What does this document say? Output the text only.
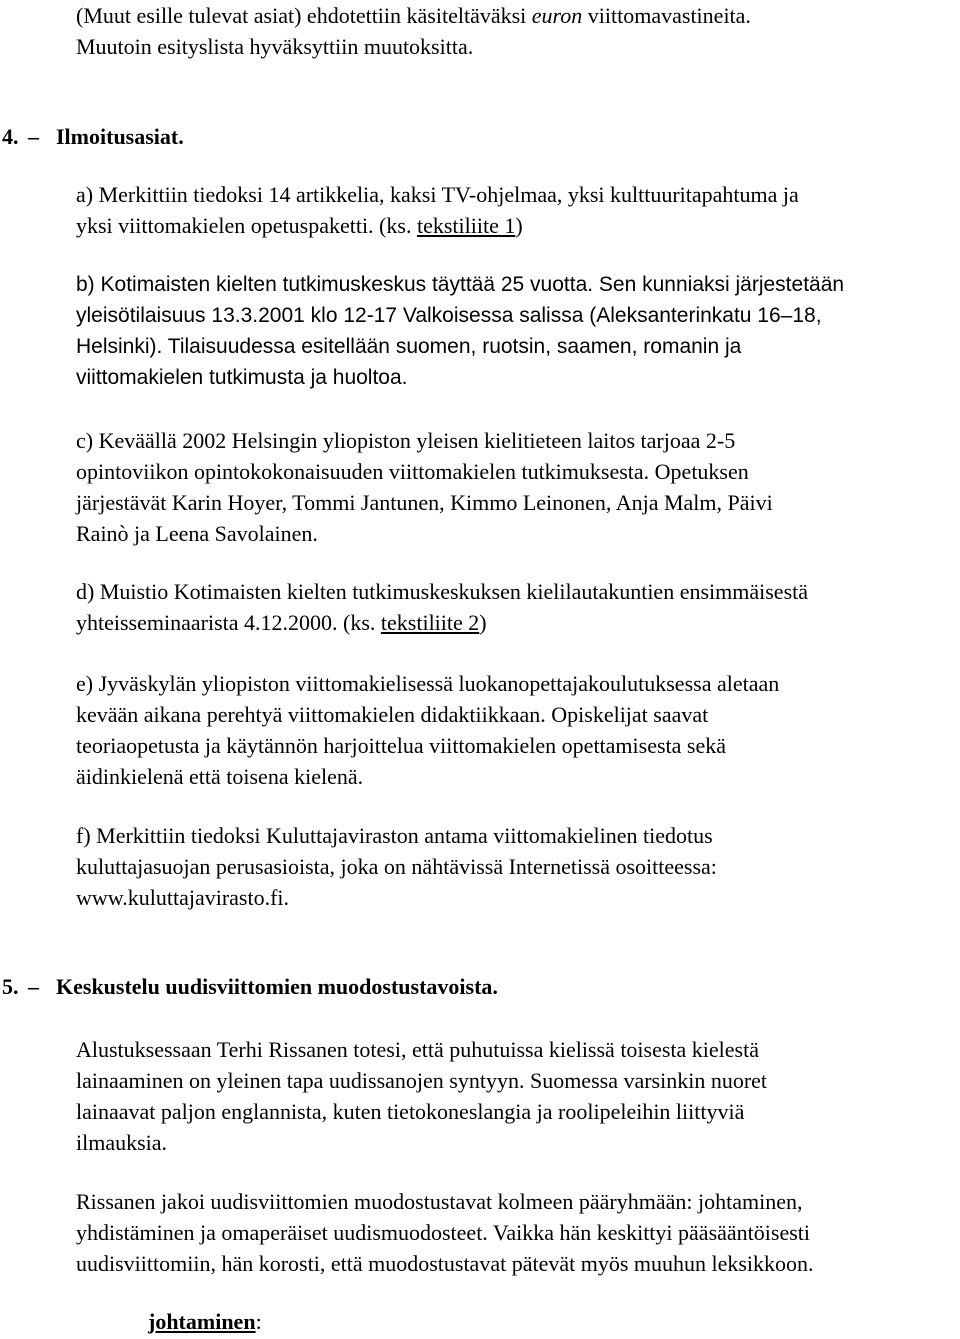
(Muut esille tulevat asiat) ehdotettiin käsiteltäväksi euron viittomavastineita.

Muutoin esityslista hyväksyttiin muutoksitta.

4. – Ilmoitusasiat.

a) Merkittiin tiedoksi 14 artikkelia, kaksi TV-ohjelmaa, yksi kulttuuritapahtuma ja

yksi viittomakielen opetuspaketti. (ks. tekstiliite 1)

b) Kotimaisten kielten tutkimuskeskus täyttää 25 vuotta. Sen kunniaksi järjestetään

yleisötilaisuus 13.3.2001 klo 12-17 Valkoisessa salissa (Aleksanterinkatu 16–18,

Helsinki). Tilaisuudessa esitellään suomen, ruotsin, saamen, romanin ja

viittomakielen tutkimusta ja huoltoa.

c) Keväällä 2002 Helsingin yliopiston yleisen kielitieteen laitos tarjoaa 2-5

opintoviikon opintokokonaisuuden viittomakielen tutkimuksesta. Opetuksen

järjestävät Karin Hoyer, Tommi Jantunen, Kimmo Leinonen, Anja Malm, Päivi

Rainò ja Leena Savolainen.

d) Muistio Kotimaisten kielten tutkimuskeskuksen kielilautakuntien ensimmäisestä

yhteisseminaarista 4.12.2000. (ks. tekstiliite 2)

e) Jyväskylän yliopiston viittomakielisessä luokanopettajakoulutuksessa aletaan

kevään aikana perehtyä viittomakielen didaktiikkaan. Opiskelijat saavat

teoriaopetusta ja käytännön harjoittelua viittomakielen opettamisesta sekä

äidinkielenä että toisena kielenä.

f) Merkittiin tiedoksi Kuluttajaviraston antama viittomakielinen tiedotus

kuluttajasuojan perusasioista, joka on nähtävissä Internetissä osoitteessa:

www.kuluttajavirasto.fi.

5. – Keskustelu uudisviittomien muodostustavoista.

Alustuksessaan Terhi Rissanen totesi, että puhutuissa kielissä toisesta kielestä

lainaaminen on yleinen tapa uudissanojen syntyyn. Suomessa varsinkin nuoret

lainaavat paljon englannista, kuten tietokoneslangia ja roolipeleihin liittyviä

ilmauksia.

Rissanen jakoi uudisviittomien muodostustavat kolmeen pääryhmään: johtaminen,

yhdistäminen ja omaperäiset uudismuodosteet. Vaikka hän keskittyi pääsääntöisesti

uudisviittomiin, hän korosti, että muodostustavat pätevät myös muuhun leksikkoon.

johtaminen:
